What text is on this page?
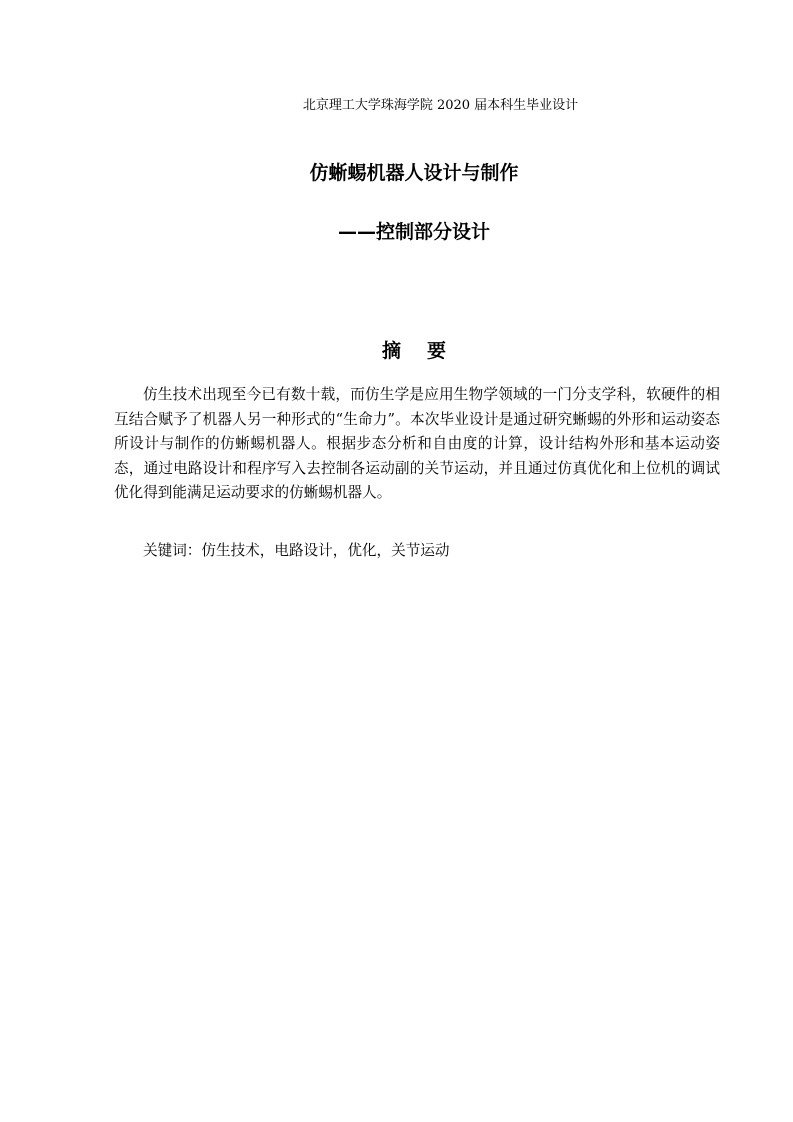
北京理工大学珠海学院 2020 届本科生毕业设计
仿蜥蜴机器人设计与制作
——控制部分设计
摘 要

仿生技术出现至今已有数十载，而仿生学是应用生物学领域的一门分支学科，软硬件的相互结合赋予了机器人另一种形式的“生命力”。本次毕业设计是通过研究蜥蜴的外形和运动姿态所设计与制作的仿蜥蜴机器人。根据步态分析和自由度的计算，设计结构外形和基本运动姿态，通过电路设计和程序写入去控制各运动副的关节运动，并且通过仿真优化和上位机的调试优化得到能满足运动要求的仿蜥蜴机器人。

关键词：仿生技术，电路设计，优化，关节运动
